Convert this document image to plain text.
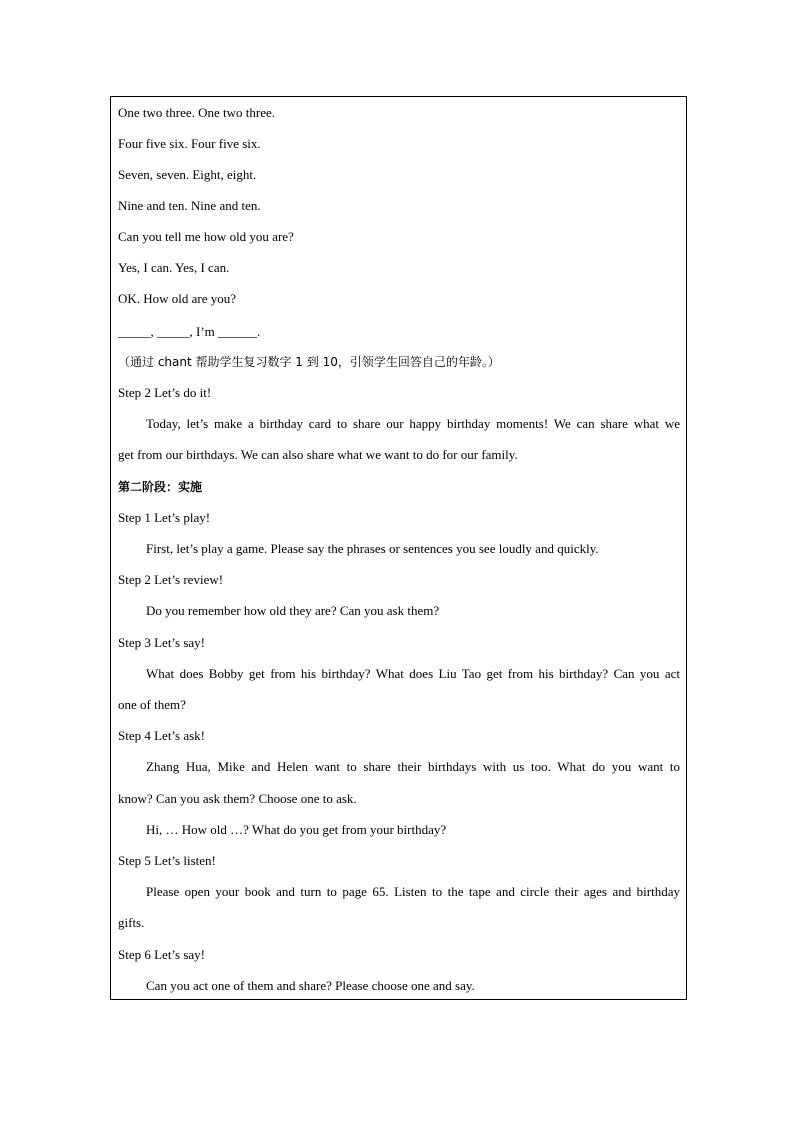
One two three. One two three.
Four five six. Four five six.
Seven, seven. Eight, eight.
Nine and ten. Nine and ten.
Can you tell me how old you are?
Yes, I can. Yes, I can.
OK. How old are you?
_____, _____, I’m ______.
（通过 chant 帮助学生复习数字 1 到 10，引领学生回答自己的年龄。）
Step 2 Let’s do it!
Today, let’s make a birthday card to share our happy birthday moments! We can share what we
get from our birthdays. We can also share what we want to do for our family.
第二阶段：实施
Step 1 Let’s play!
First, let’s play a game. Please say the phrases or sentences you see loudly and quickly.
Step 2 Let’s review!
Do you remember how old they are? Can you ask them?
Step 3 Let’s say!
What does Bobby get from his birthday? What does Liu Tao get from his birthday? Can you act
one of them?
Step 4 Let’s ask!
Zhang Hua, Mike and Helen want to share their birthdays with us too. What do you want to
know? Can you ask them? Choose one to ask.
Hi, … How old …? What do you get from your birthday?
Step 5 Let’s listen!
Please open your book and turn to page 65. Listen to the tape and circle their ages and birthday
gifts.
Step 6 Let’s say!
Can you act one of them and share? Please choose one and say.
